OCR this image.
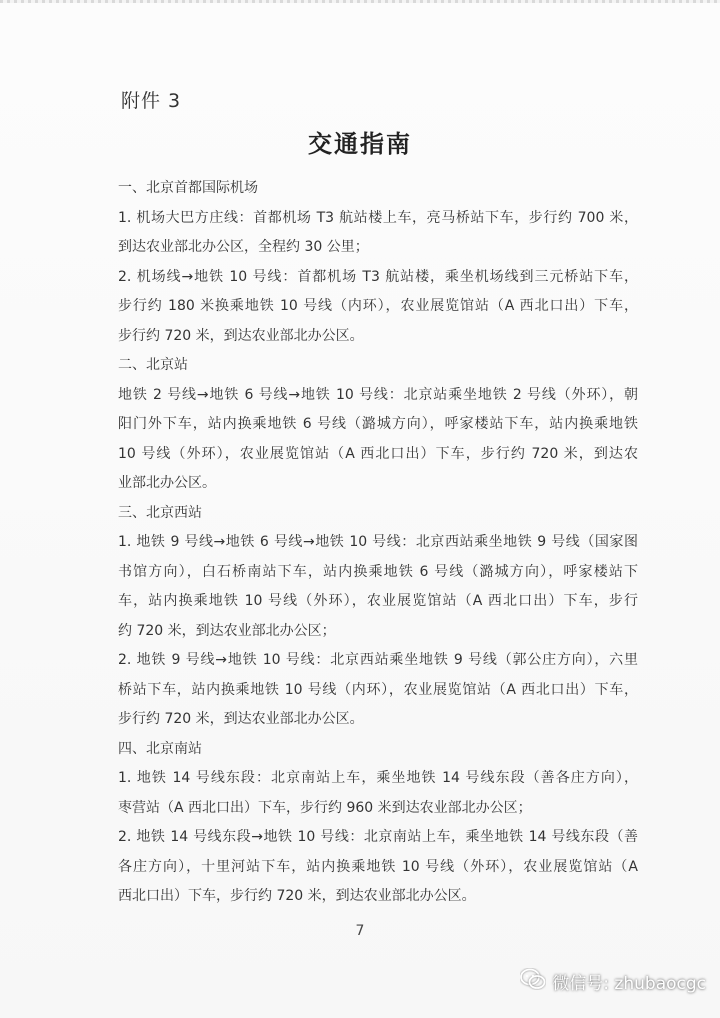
附件 3
交通指南
一、北京首都国际机场
1. 机场大巴方庄线：首都机场 T3 航站楼上车，亮马桥站下车，步行约 700 米，
到达农业部北办公区，全程约 30 公里；
2. 机场线→地铁 10 号线：首都机场 T3 航站楼，乘坐机场线到三元桥站下车，
步行约 180 米换乘地铁 10 号线（内环），农业展览馆站（A 西北口出）下车，
步行约 720 米，到达农业部北办公区。
二、北京站
地铁 2 号线→地铁 6 号线→地铁 10 号线：北京站乘坐地铁 2 号线（外环），朝
阳门外下车，站内换乘地铁 6 号线（潞城方向），呼家楼站下车，站内换乘地铁
10 号线（外环），农业展览馆站（A 西北口出）下车，步行约 720 米，到达农
业部北办公区。
三、北京西站
1. 地铁 9 号线→地铁 6 号线→地铁 10 号线：北京西站乘坐地铁 9 号线（国家图
书馆方向），白石桥南站下车，站内换乘地铁 6 号线（潞城方向），呼家楼站下
车，站内换乘地铁 10 号线（外环），农业展览馆站（A 西北口出）下车，步行
约 720 米，到达农业部北办公区；
2. 地铁 9 号线→地铁 10 号线：北京西站乘坐地铁 9 号线（郭公庄方向），六里
桥站下车，站内换乘地铁 10 号线（内环），农业展览馆站（A 西北口出）下车，
步行约 720 米，到达农业部北办公区。
四、北京南站
1. 地铁 14 号线东段：北京南站上车，乘坐地铁 14 号线东段（善各庄方向），
枣营站（A 西北口出）下车，步行约 960 米到达农业部北办公区；
2. 地铁 14 号线东段→地铁 10 号线：北京南站上车，乘坐地铁 14 号线东段（善
各庄方向），十里河站下车，站内换乘地铁 10 号线（外环），农业展览馆站（A
西北口出）下车，步行约 720 米，到达农业部北办公区。
7
微信号: zhubaocgc
